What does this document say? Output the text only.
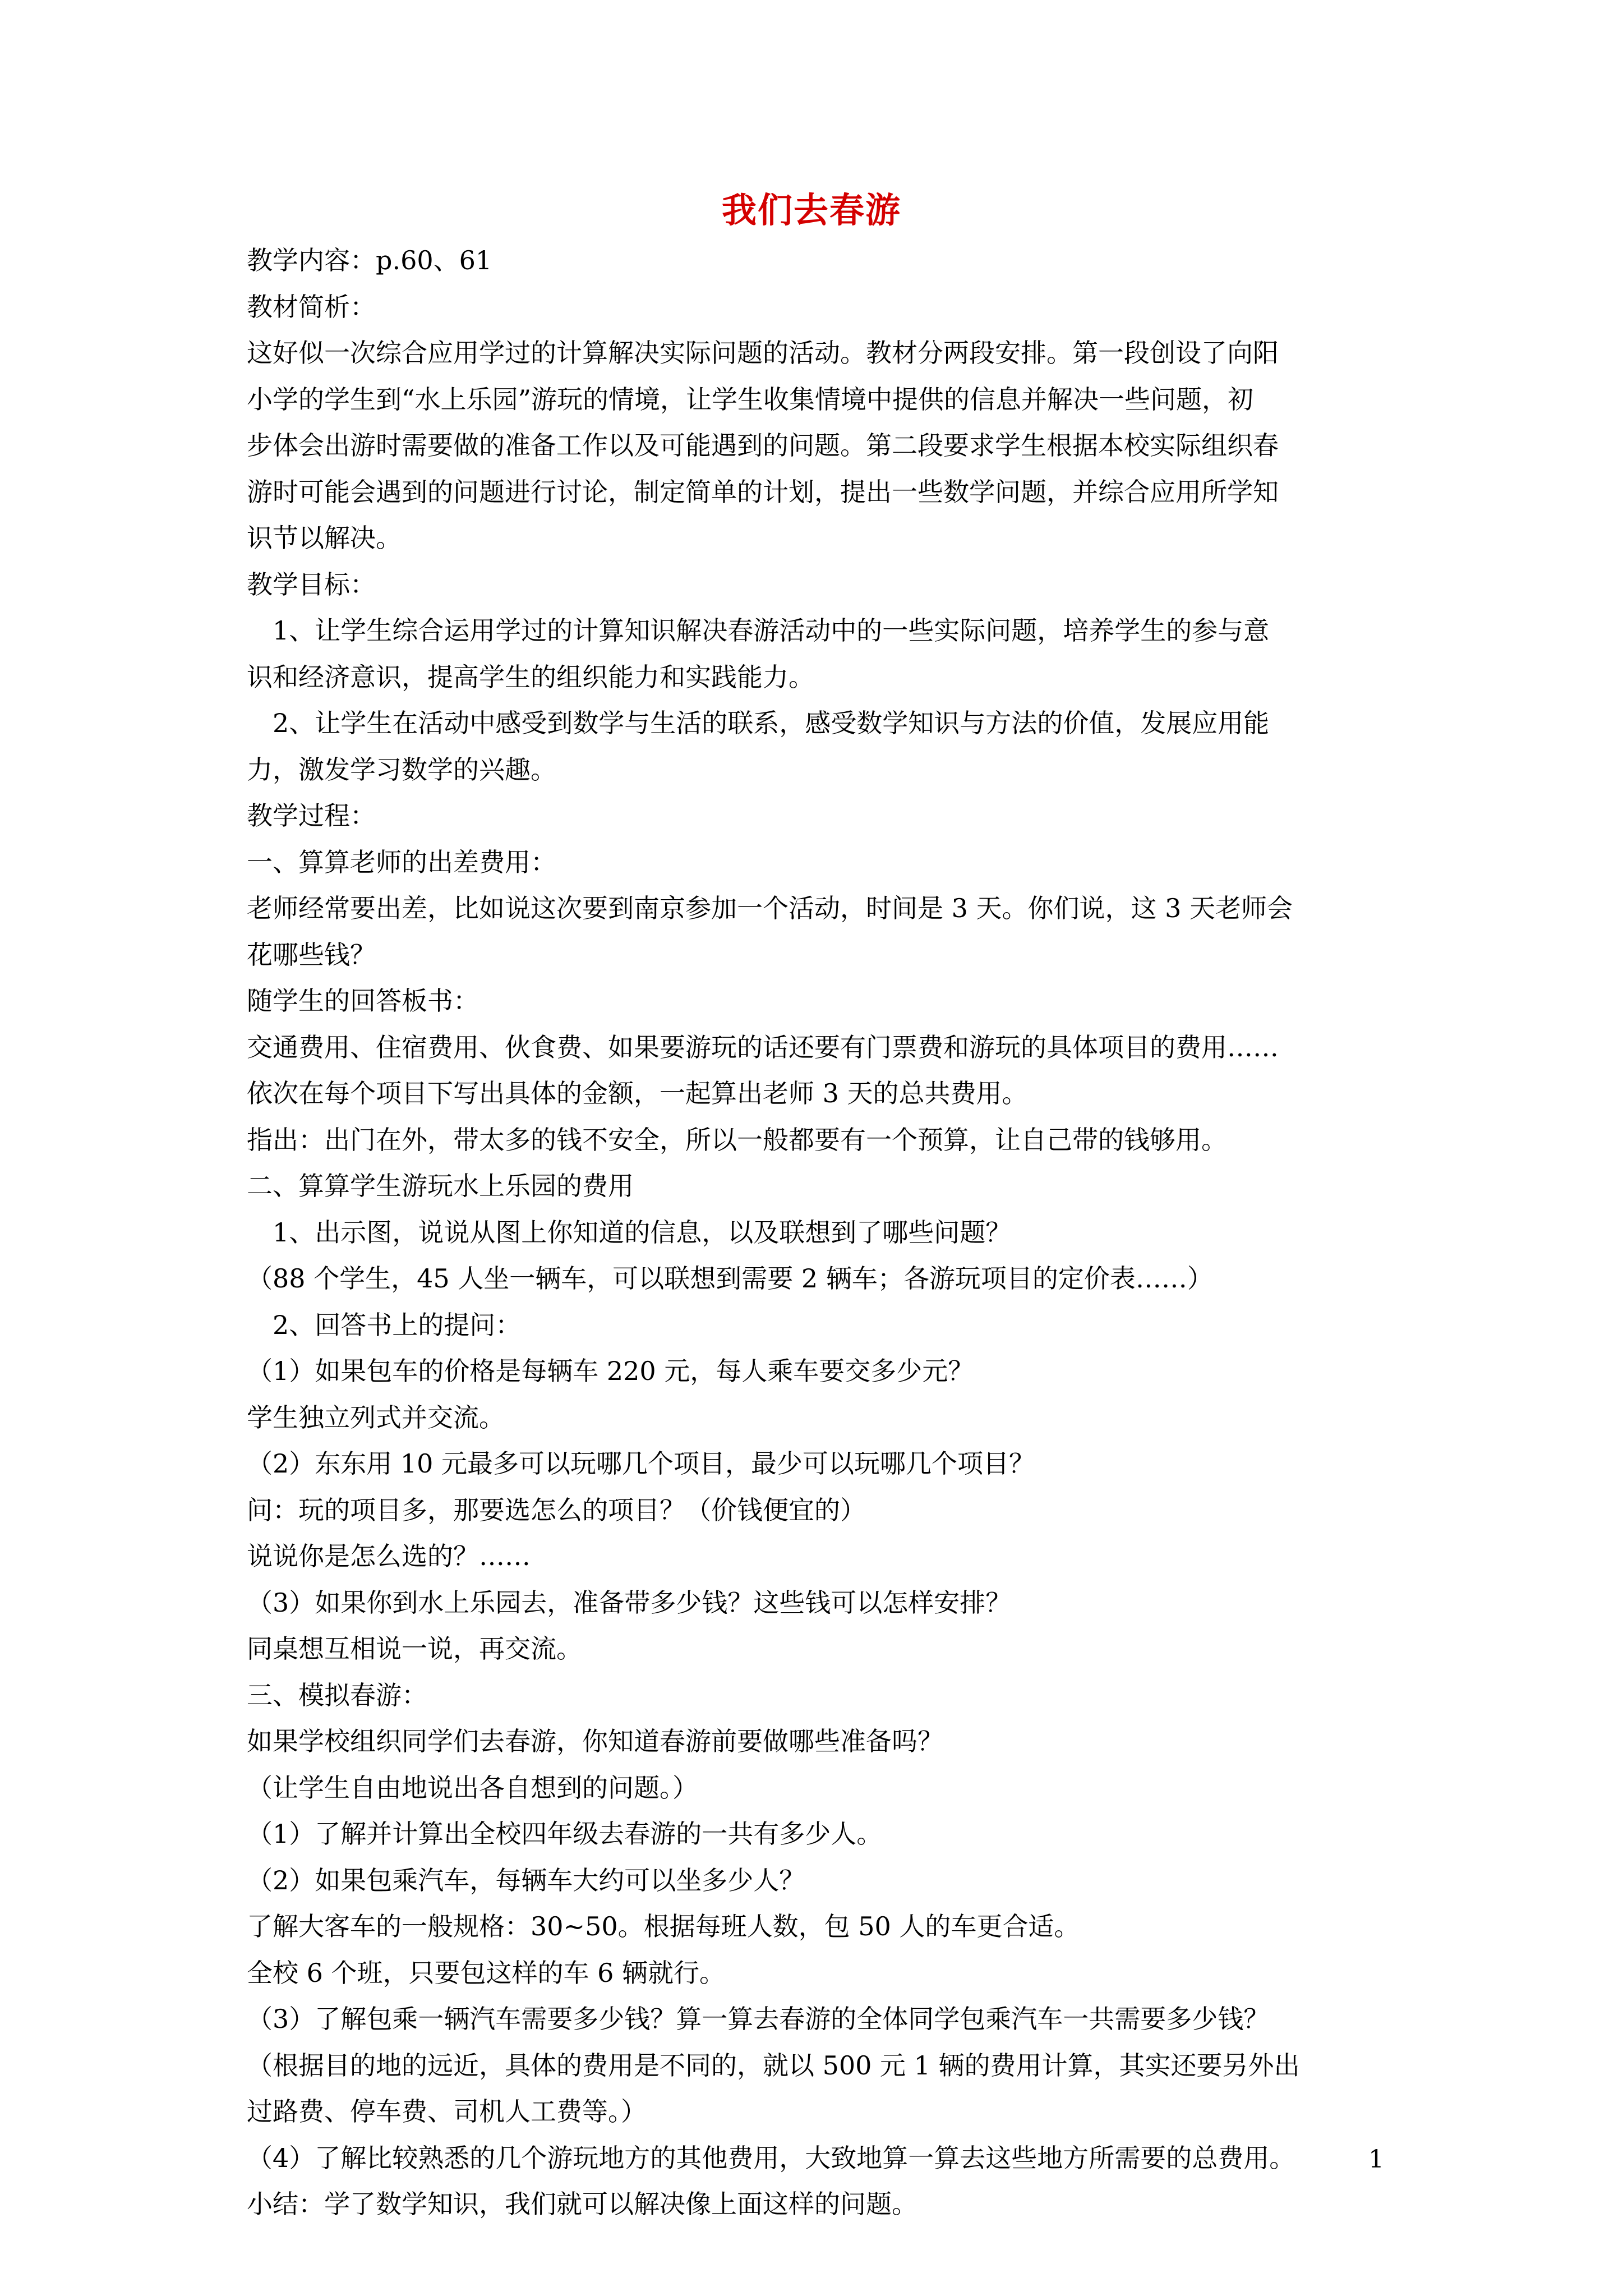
我们去春游
教学内容：p.60、61
教材简析：
这好似一次综合应用学过的计算解决实际问题的活动。教材分两段安排。第一段创设了向阳
小学的学生到“水上乐园”游玩的情境，让学生收集情境中提供的信息并解决一些问题，初
步体会出游时需要做的准备工作以及可能遇到的问题。第二段要求学生根据本校实际组织春
游时可能会遇到的问题进行讨论，制定简单的计划，提出一些数学问题，并综合应用所学知
识节以解决。
教学目标：
　1、让学生综合运用学过的计算知识解决春游活动中的一些实际问题，培养学生的参与意
识和经济意识，提高学生的组织能力和实践能力。
　2、让学生在活动中感受到数学与生活的联系，感受数学知识与方法的价值，发展应用能
力，激发学习数学的兴趣。
教学过程：
一、算算老师的出差费用：
老师经常要出差，比如说这次要到南京参加一个活动，时间是 3 天。你们说，这 3 天老师会
花哪些钱？
随学生的回答板书：
交通费用、住宿费用、伙食费、如果要游玩的话还要有门票费和游玩的具体项目的费用……
依次在每个项目下写出具体的金额，一起算出老师 3 天的总共费用。
指出：出门在外，带太多的钱不安全，所以一般都要有一个预算，让自己带的钱够用。
二、算算学生游玩水上乐园的费用
　1、出示图，说说从图上你知道的信息，以及联想到了哪些问题？
（88 个学生，45 人坐一辆车，可以联想到需要 2 辆车；各游玩项目的定价表……）
　2、回答书上的提问：
（1）如果包车的价格是每辆车 220 元，每人乘车要交多少元？
学生独立列式并交流。
（2）东东用 10 元最多可以玩哪几个项目，最少可以玩哪几个项目？
问：玩的项目多，那要选怎么的项目？（价钱便宜的）
说说你是怎么选的？……
（3）如果你到水上乐园去，准备带多少钱？这些钱可以怎样安排？
同桌想互相说一说，再交流。
三、模拟春游：
如果学校组织同学们去春游，你知道春游前要做哪些准备吗？
（让学生自由地说出各自想到的问题。）
（1）了解并计算出全校四年级去春游的一共有多少人。
（2）如果包乘汽车，每辆车大约可以坐多少人？
了解大客车的一般规格：30~50。根据每班人数，包 50 人的车更合适。
全校 6 个班，只要包这样的车 6 辆就行。
（3）了解包乘一辆汽车需要多少钱？算一算去春游的全体同学包乘汽车一共需要多少钱？
（根据目的地的远近，具体的费用是不同的，就以 500 元 1 辆的费用计算，其实还要另外出
过路费、停车费、司机人工费等。）
（4）了解比较熟悉的几个游玩地方的其他费用，大致地算一算去这些地方所需要的总费用。
小结：学了数学知识，我们就可以解决像上面这样的问题。
1
